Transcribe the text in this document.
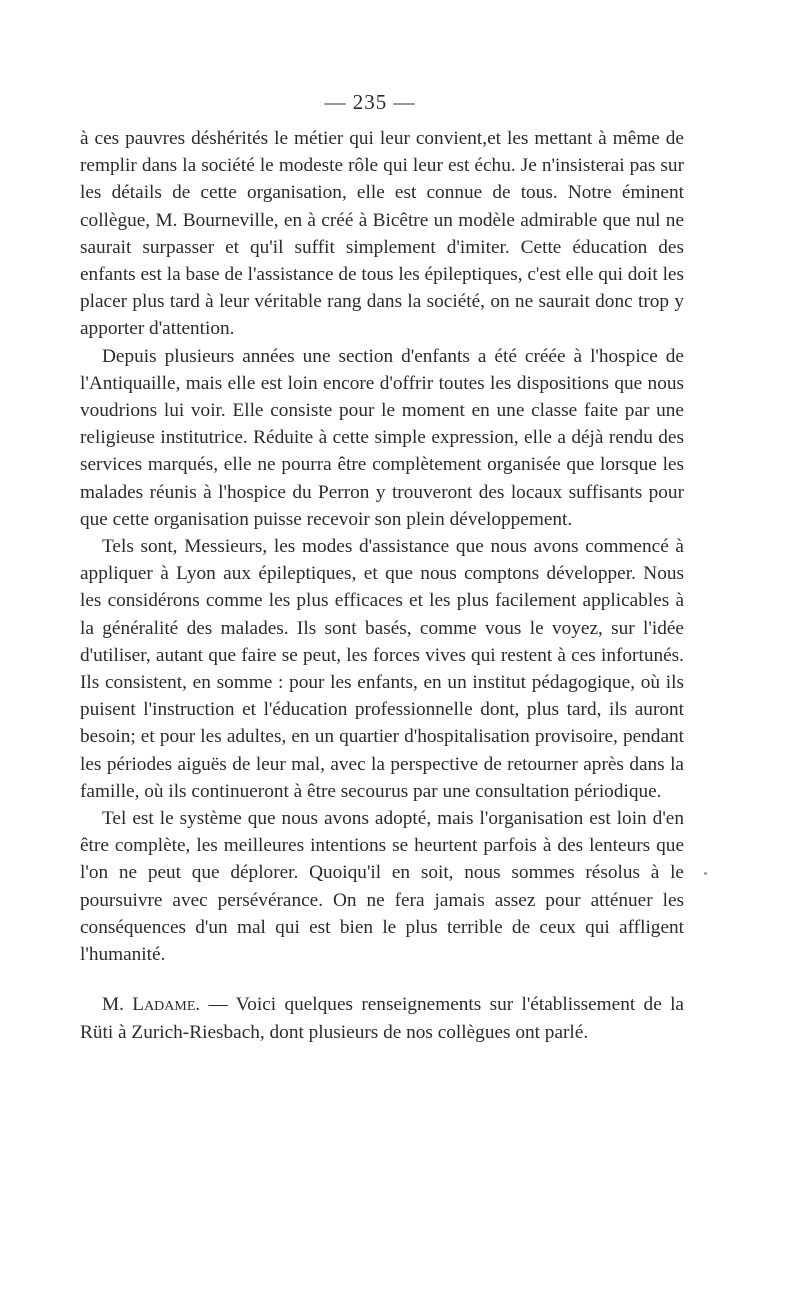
— 235 —

à ces pauvres déshérités le métier qui leur convient,et les mettant à même de remplir dans la société le modeste rôle qui leur est échu. Je n'insisterai pas sur les détails de cette organisation, elle est connue de tous. Notre éminent collègue, M. Bourneville, en à créé à Bicêtre un modèle admirable que nul ne saurait surpasser et qu'il suffit simplement d'imiter. Cette éducation des enfants est la base de l'assistance de tous les épileptiques, c'est elle qui doit les placer plus tard à leur véritable rang dans la société, on ne saurait donc trop y apporter d'attention.

Depuis plusieurs années une section d'enfants a été créée à l'hospice de l'Antiquaille, mais elle est loin encore d'offrir toutes les dispositions que nous voudrions lui voir. Elle consiste pour le moment en une classe faite par une religieuse institutrice. Réduite à cette simple expression, elle a déjà rendu des services marqués, elle ne pourra être complètement organisée que lorsque les malades réunis à l'hospice du Perron y trouveront des locaux suffisants pour que cette organisation puisse recevoir son plein développement.

Tels sont, Messieurs, les modes d'assistance que nous avons commencé à appliquer à Lyon aux épileptiques, et que nous comptons développer. Nous les considérons comme les plus efficaces et les plus facilement applicables à la généralité des malades. Ils sont basés, comme vous le voyez, sur l'idée d'utiliser, autant que faire se peut, les forces vives qui restent à ces infortunés. Ils consistent, en somme : pour les enfants, en un institut pédagogique, où ils puisent l'instruction et l'éducation professionnelle dont, plus tard, ils auront besoin; et pour les adultes, en un quartier d'hospitalisation provisoire, pendant les périodes aiguës de leur mal, avec la perspective de retourner après dans la famille, où ils continueront à être secourus par une consultation périodique.

Tel est le système que nous avons adopté, mais l'organisation est loin d'en être complète, les meilleures intentions se heurtent parfois à des lenteurs que l'on ne peut que déplorer. Quoiqu'il en soit, nous sommes résolus à le poursuivre avec persévérance. On ne fera jamais assez pour atténuer les conséquences d'un mal qui est bien le plus terrible de ceux qui affligent l'humanité.

M. Ladame. — Voici quelques renseignements sur l'établissement de la Rüti à Zurich-Riesbach, dont plusieurs de nos collègues ont parlé.
